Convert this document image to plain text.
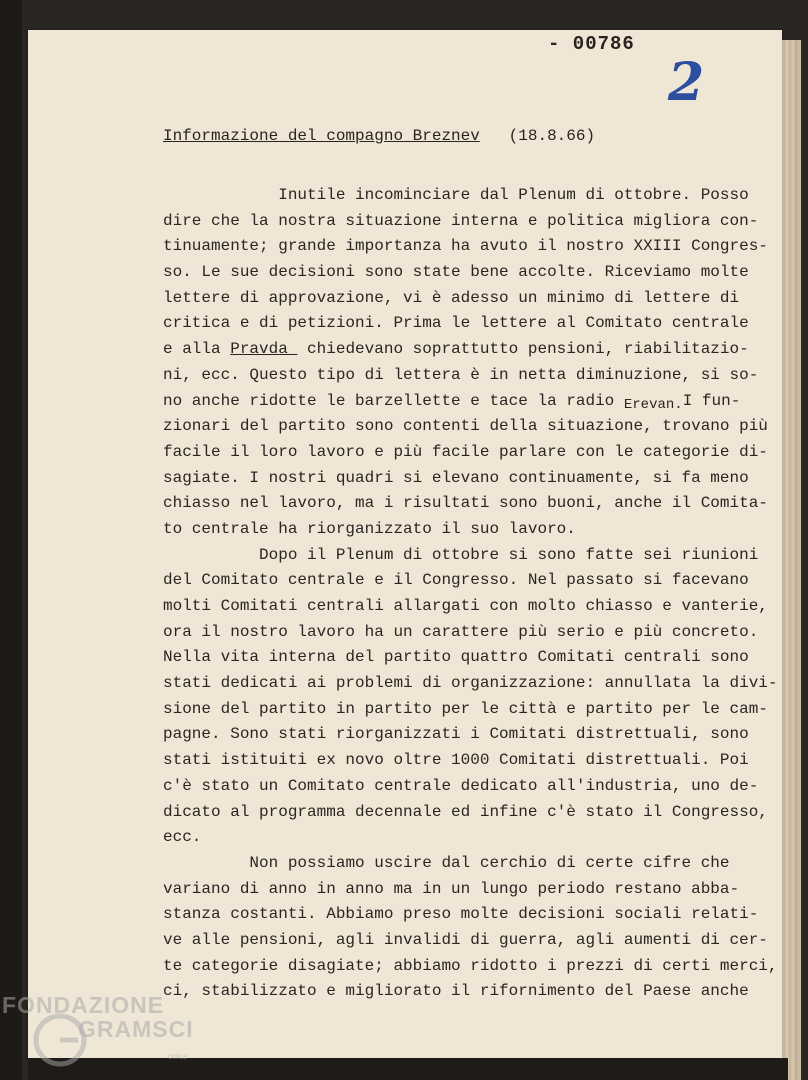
- 00786
2
Informazione del compagno Breznev (18.8.66)
Inutile incominciare dal Plenum di ottobre. Posso
dire che la nostra situazione interna e politica migliora con-
tinuamente; grande importanza ha avuto il nostro XXIII Congres-
so. Le sue decisioni sono state bene accolte. Riceviamo molte
lettere di approvazione, vi è adesso un minimo di lettere di
critica e di petizioni. Prima le lettere al Comitato centrale
e alla Pravda  chiedevano soprattutto pensioni, riabilitazio-
ni, ecc. Questo tipo di lettera è in netta diminuzione, si so-
no anche ridotte le barzellette e tace la radio Erevan.I fun-
zionari del partito sono contenti della situazione, trovano più
facile il loro lavoro e più facile parlare con le categorie di-
sagiate. I nostri quadri si elevano continuamente, si fa meno
chiasso nel lavoro, ma i risultati sono buoni, anche il Comita-
to centrale ha riorganizzato il suo lavoro.
Dopo il Plenum di ottobre si sono fatte sei riunioni
del Comitato centrale e il Congresso. Nel passato si facevano
molti Comitati centrali allargati con molto chiasso e vanterie,
ora il nostro lavoro ha un carattere più serio e più concreto.
Nella vita interna del partito quattro Comitati centrali sono
stati dedicati ai problemi di organizzazione: annullata la divi-
sione del partito in partito per le città e partito per le cam-
pagne. Sono stati riorganizzati i Comitati distrettuali, sono
stati istituiti ex novo oltre 1000 Comitati distrettuali. Poi
c'è stato un Comitato centrale dedicato all'industria, uno de-
dicato al programma decennale ed infine c'è stato il Congresso,
ecc.
Non possiamo uscire dal cerchio di certe cifre che
variano di anno in anno ma in un lungo periodo restano abba-
stanza costanti. Abbiamo preso molte decisioni sociali relati-
ve alle pensioni, agli invalidi di guerra, agli aumenti di cer-
te categorie disagiate; abbiamo ridotto i prezzi di certi merci,
ci, stabilizzato e migliorato il rifornimento del Paese anche
FONDAZIONE
GRAMSCI
onlus
